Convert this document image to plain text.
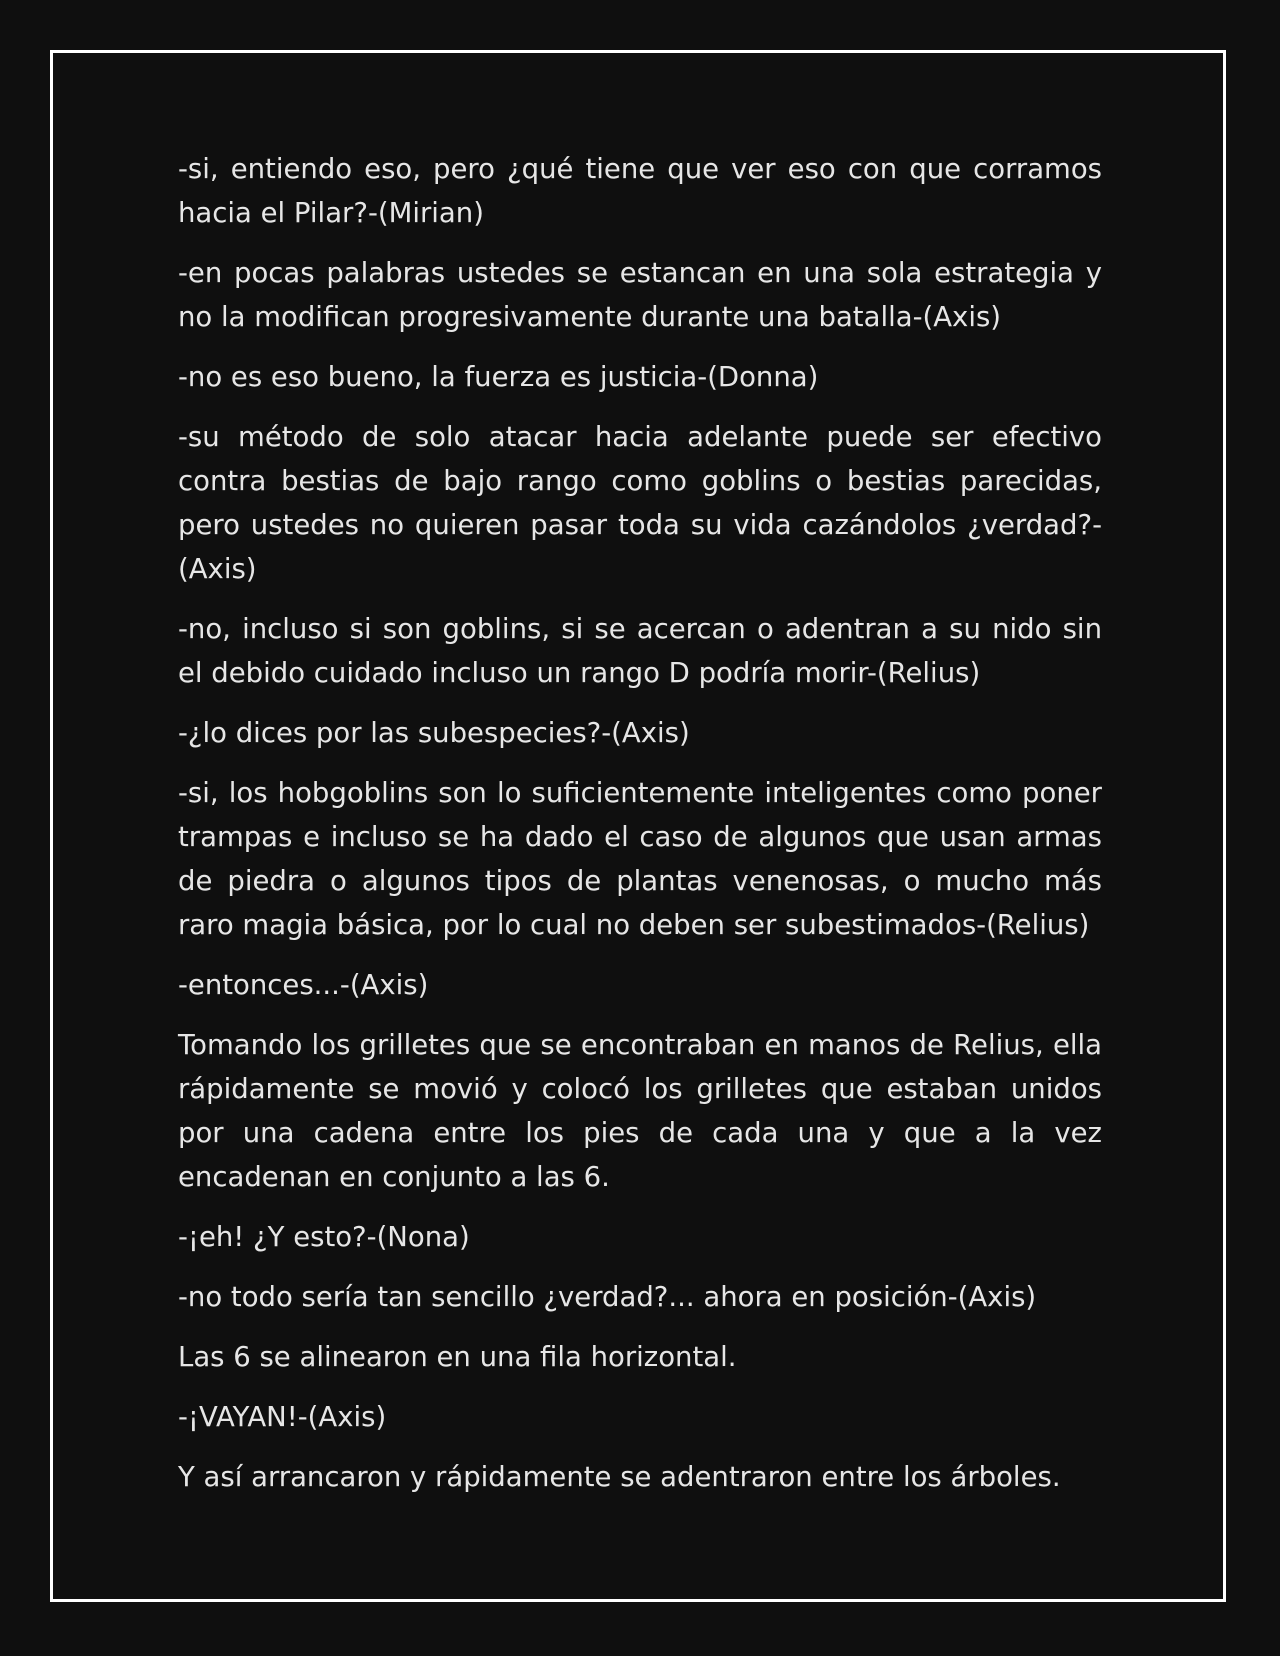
-si, entiendo eso, pero ¿qué tiene que ver eso con que corramos hacia el Pilar?-(Mirian)

-en pocas palabras ustedes se estancan en una sola estrategia y no la modifican progresivamente durante una batalla-(Axis)

-no es eso bueno, la fuerza es justicia-(Donna)

-su método de solo atacar hacia adelante puede ser efectivo contra bestias de bajo rango como goblins o bestias parecidas, pero ustedes no quieren pasar toda su vida cazándolos ¿verdad?-(Axis)

-no, incluso si son goblins, si se acercan o adentran a su nido sin el debido cuidado incluso un rango D podría morir-(Relius)

-¿lo dices por las subespecies?-(Axis)

-si, los hobgoblins son lo suficientemente inteligentes como poner trampas e incluso se ha dado el caso de algunos que usan armas de piedra o algunos tipos de plantas venenosas, o mucho más raro magia básica, por lo cual no deben ser subestimados-(Relius)

-entonces...-(Axis)

Tomando los grilletes que se encontraban en manos de Relius, ella rápidamente se movió y colocó los grilletes que estaban unidos por una cadena entre los pies de cada una y que a la vez encadenan en conjunto a las 6.

-¡eh! ¿Y esto?-(Nona)

-no todo sería tan sencillo ¿verdad?... ahora en posición-(Axis)

Las 6 se alinearon en una fila horizontal.

-¡VAYAN!-(Axis)

Y así arrancaron y rápidamente se adentraron entre los árboles.
